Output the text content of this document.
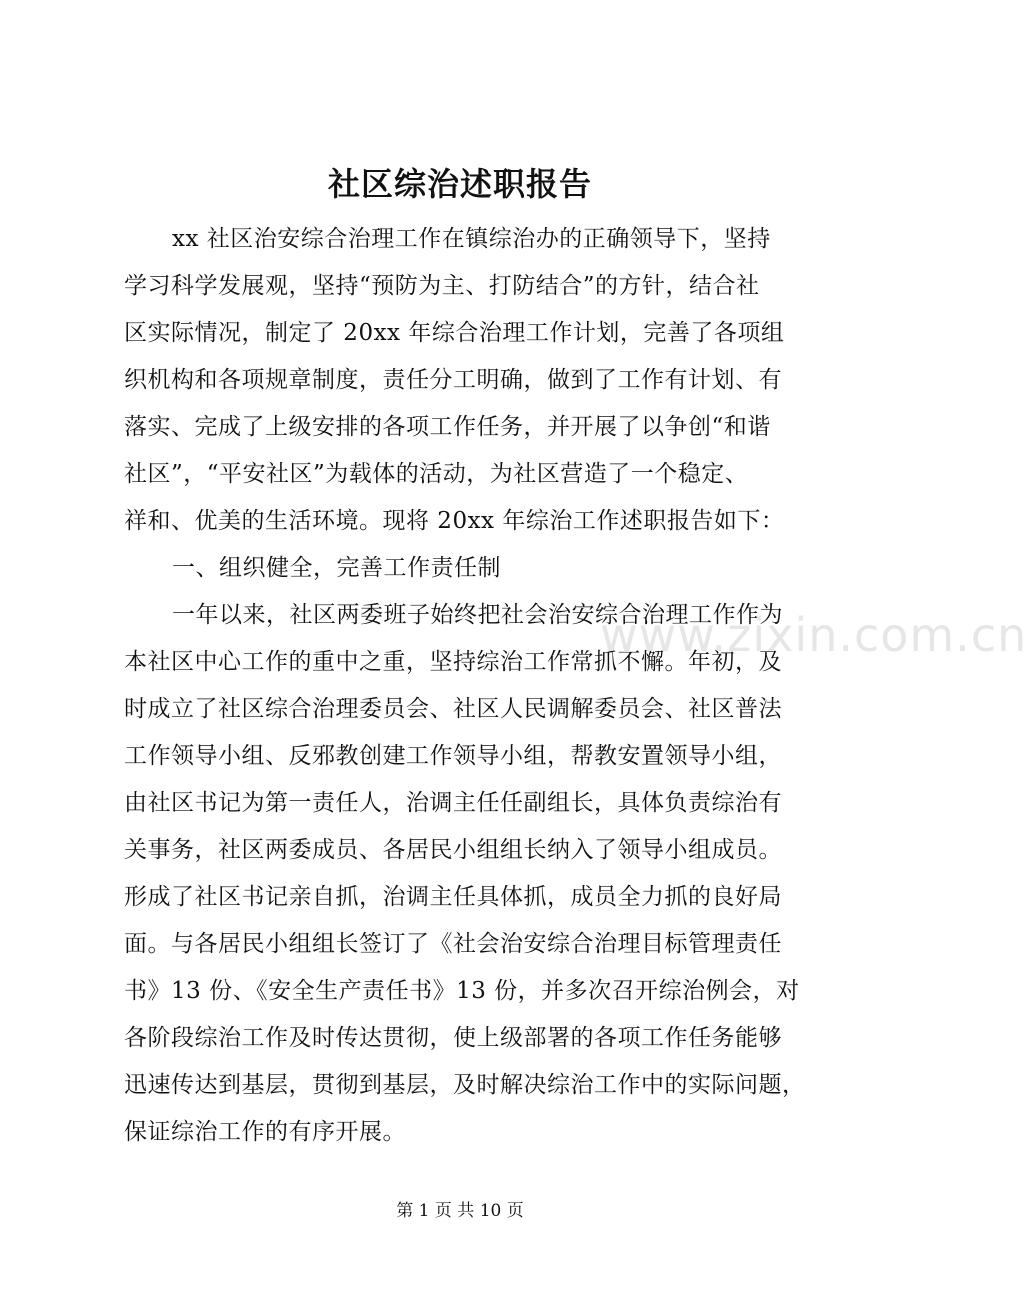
社区综治述职报告
xx 社区治安综合治理工作在镇综治办的正确领导下，坚持
学习科学发展观，坚持“预防为主、打防结合”的方针，结合社
区实际情况，制定了 20xx 年综合治理工作计划，完善了各项组
织机构和各项规章制度，责任分工明确，做到了工作有计划、有
落实、完成了上级安排的各项工作任务，并开展了以争创“和谐
社区”，“平安社区”为载体的活动，为社区营造了一个稳定、
祥和、优美的生活环境。现将 20xx 年综治工作述职报告如下：
一、组织健全，完善工作责任制
一年以来，社区两委班子始终把社会治安综合治理工作作为
本社区中心工作的重中之重，坚持综治工作常抓不懈。年初，及
时成立了社区综合治理委员会、社区人民调解委员会、社区普法
工作领导小组、反邪教创建工作领导小组，帮教安置领导小组，
由社区书记为第一责任人，治调主任任副组长，具体负责综治有
关事务，社区两委成员、各居民小组组长纳入了领导小组成员。
形成了社区书记亲自抓，治调主任具体抓，成员全力抓的良好局
面。与各居民小组组长签订了《社会治安综合治理目标管理责任
书》13 份、《安全生产责任书》13 份，并多次召开综治例会，对
各阶段综治工作及时传达贯彻，使上级部署的各项工作任务能够
迅速传达到基层，贯彻到基层，及时解决综治工作中的实际问题，
保证综治工作的有序开展。
www.zixin.com.cn
第 1 页 共 10 页
